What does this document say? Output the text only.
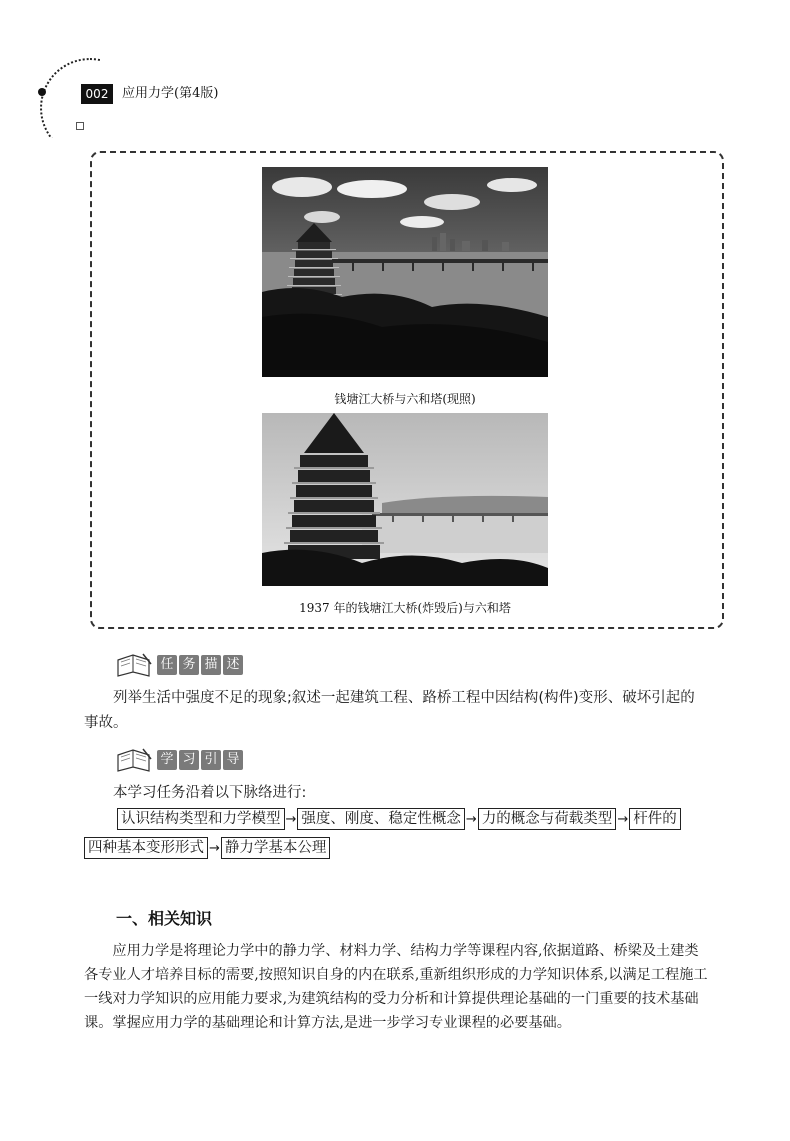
002	应用力学(第4版)
钱塘江大桥与六和塔(现照)
1937 年的钱塘江大桥(炸毁后)与六和塔
任 务 描 述
列举生活中强度不足的现象;叙述一起建筑工程、路桥工程中因结构(构件)变形、破坏引起的事故。
学 习 引 导
本学习任务沿着以下脉络进行:
认识结构类型和力学模型 → 强度、刚度、稳定性概念 → 力的概念与荷载类型 → 杆件的
四种基本变形形式 → 静力学基本公理
一、相关知识
应用力学是将理论力学中的静力学、材料力学、结构力学等课程内容,依据道路、桥梁及土建类各专业人才培养目标的需要,按照知识自身的内在联系,重新组织形成的力学知识体系,以满足工程施工一线对力学知识的应用能力要求,为建筑结构的受力分析和计算提供理论基础的一门重要的技术基础课。掌握应用力学的基础理论和计算方法,是进一步学习专业课程的必要基础。
